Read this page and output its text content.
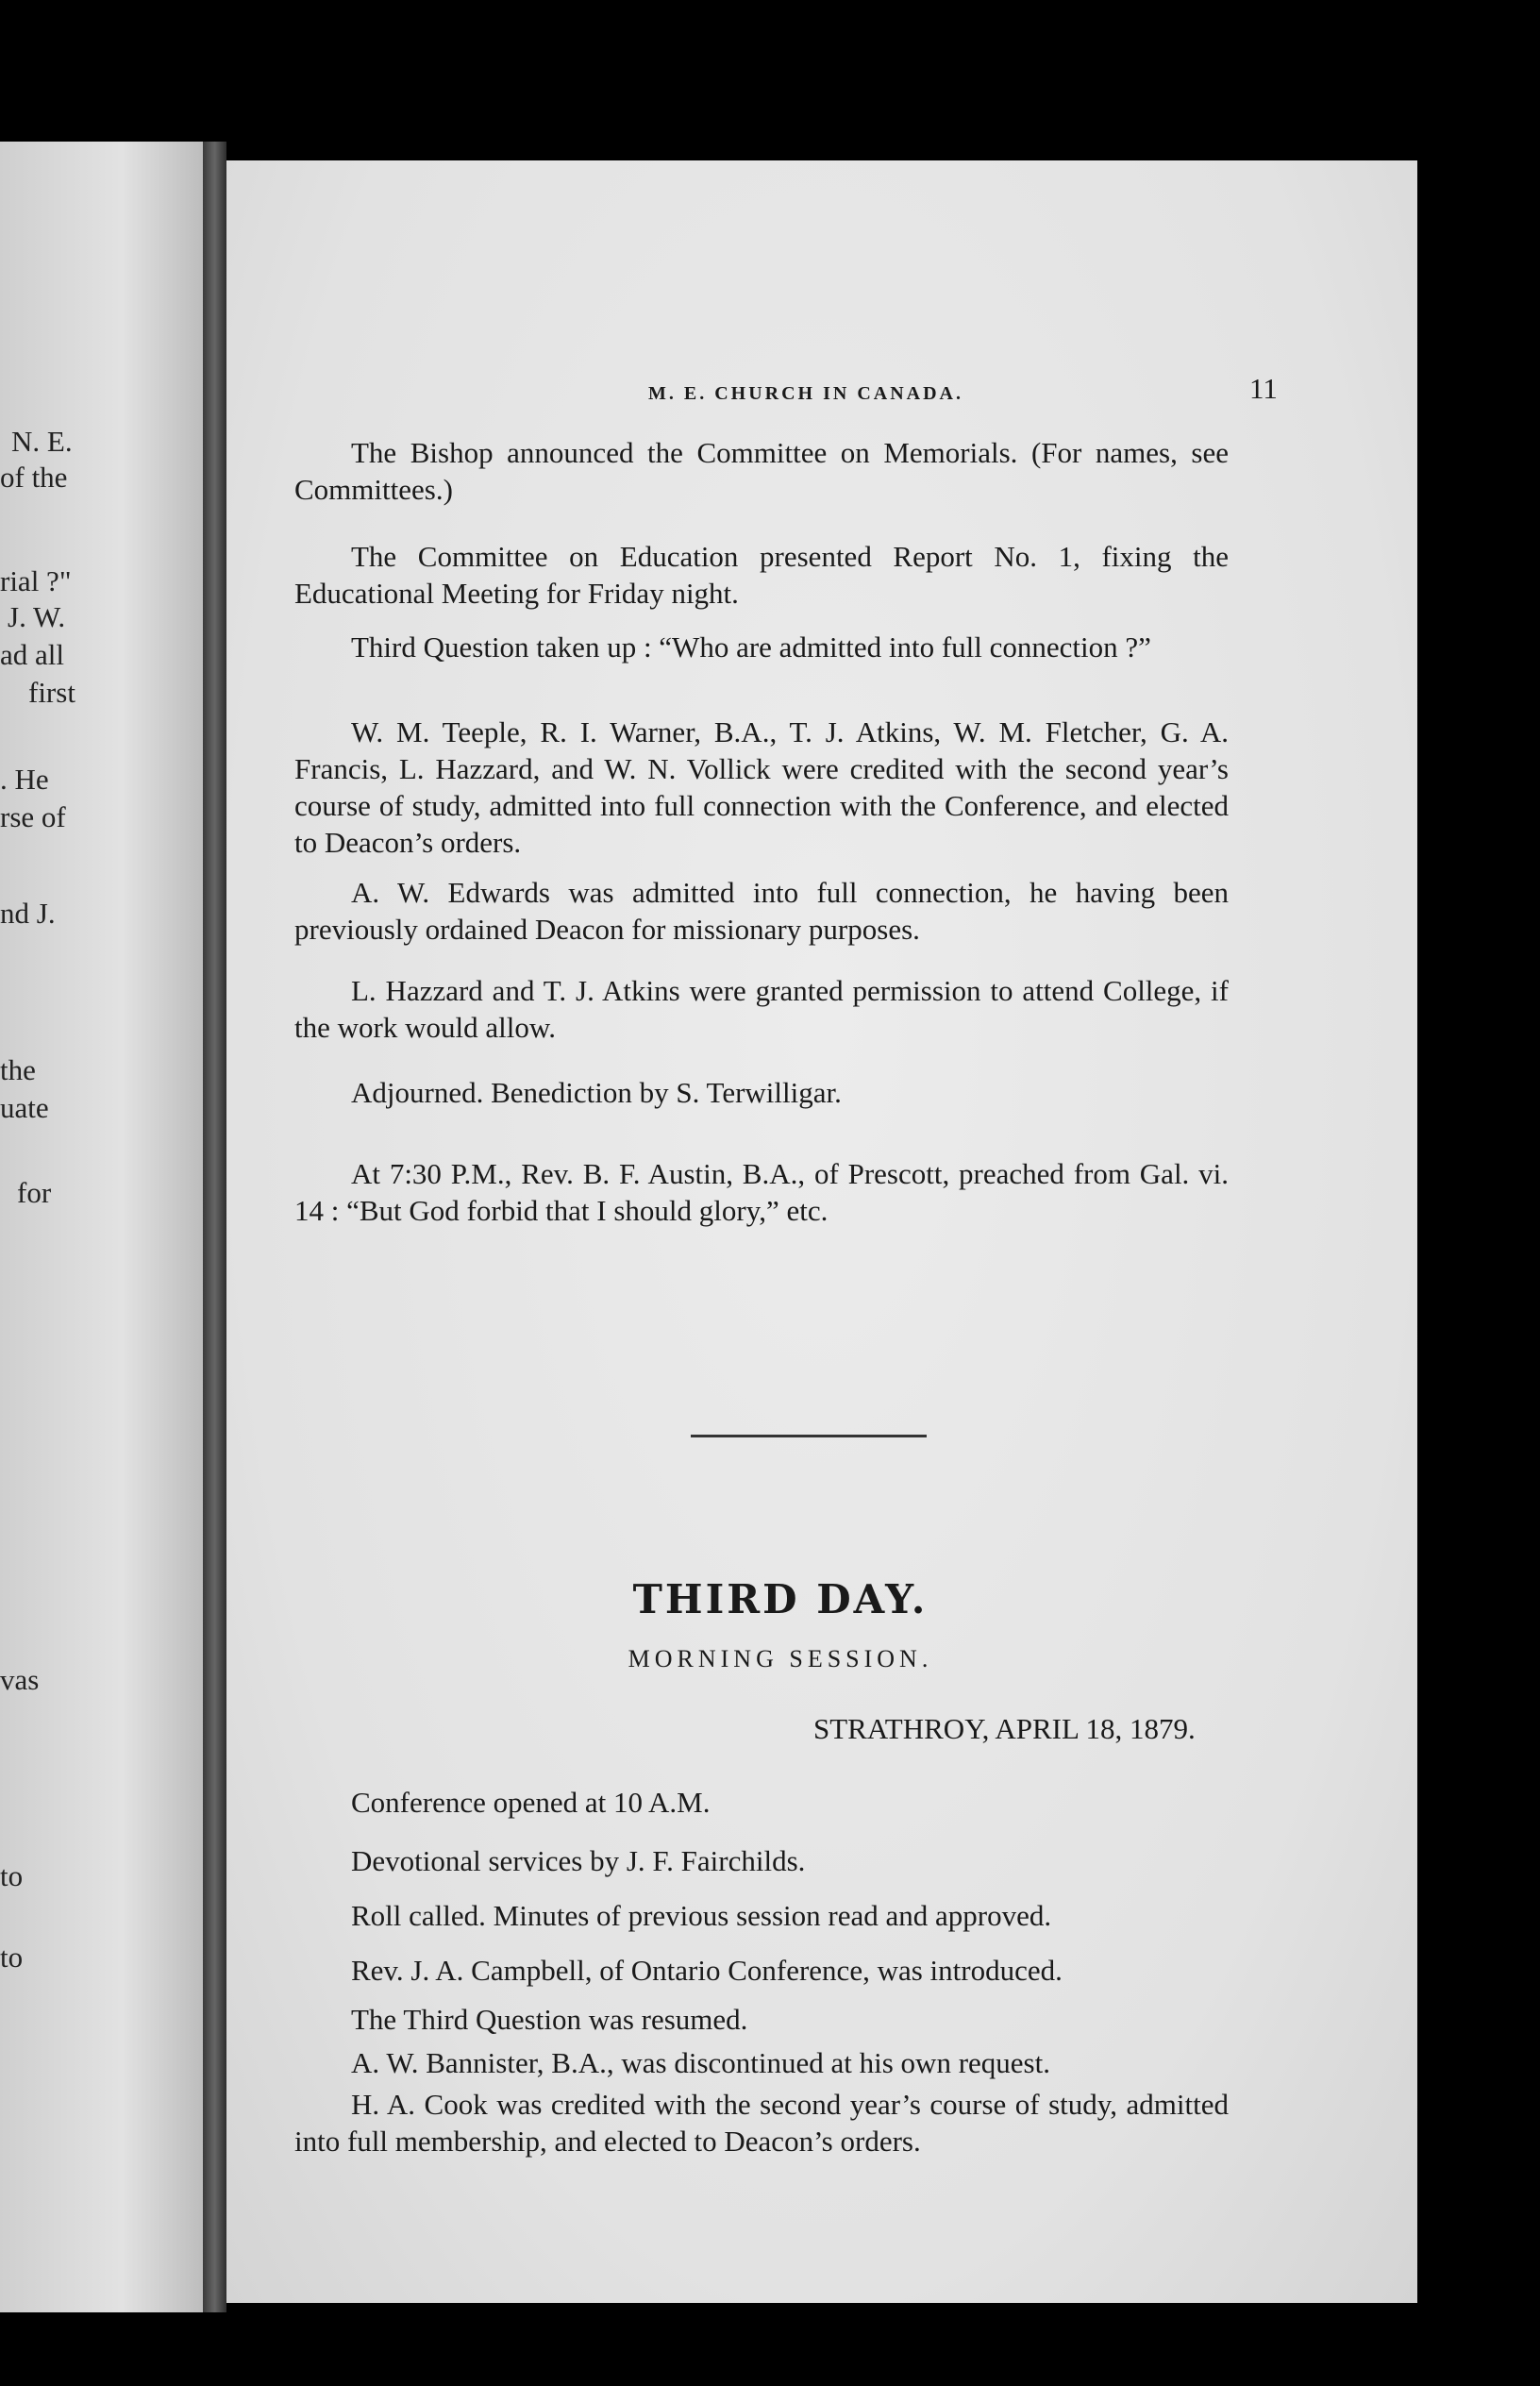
N. E.
of the
rial ?"
J. W.
ad all
first
. He
rse of
nd J.
the
uate
for
vas
to
to
M. E. CHURCH IN CANADA.	11

The Bishop announced the Committee on Memorials. (For names, see Committees.)

The Committee on Education presented Report No. 1, fixing the Educational Meeting for Friday night.

Third Question taken up : “Who are admitted into full connection ?”

W. M. Teeple, R. I. Warner, B.A., T. J. Atkins, W. M. Fletcher, G. A. Francis, L. Hazzard, and W. N. Vollick were credited with the second year’s course of study, admitted into full connection with the Conference, and elected to Deacon’s orders.

A. W. Edwards was admitted into full connection, he having been previously ordained Deacon for missionary purposes.

L. Hazzard and T. J. Atkins were granted permission to attend College, if the work would allow.

Adjourned. Benediction by S. Terwilligar.

At 7:30 P.M., Rev. B. F. Austin, B.A., of Prescott, preached from Gal. vi. 14 : “But God forbid that I should glory,” etc.

THIRD DAY.
MORNING SESSION.
STRATHROY, APRIL 18, 1879.

Conference opened at 10 A.M.

Devotional services by J. F. Fairchilds.

Roll called. Minutes of previous session read and approved.

Rev. J. A. Campbell, of Ontario Conference, was introduced.

The Third Question was resumed.

A. W. Bannister, B.A., was discontinued at his own request.

H. A. Cook was credited with the second year’s course of study, admitted into full membership, and elected to Deacon’s orders.
